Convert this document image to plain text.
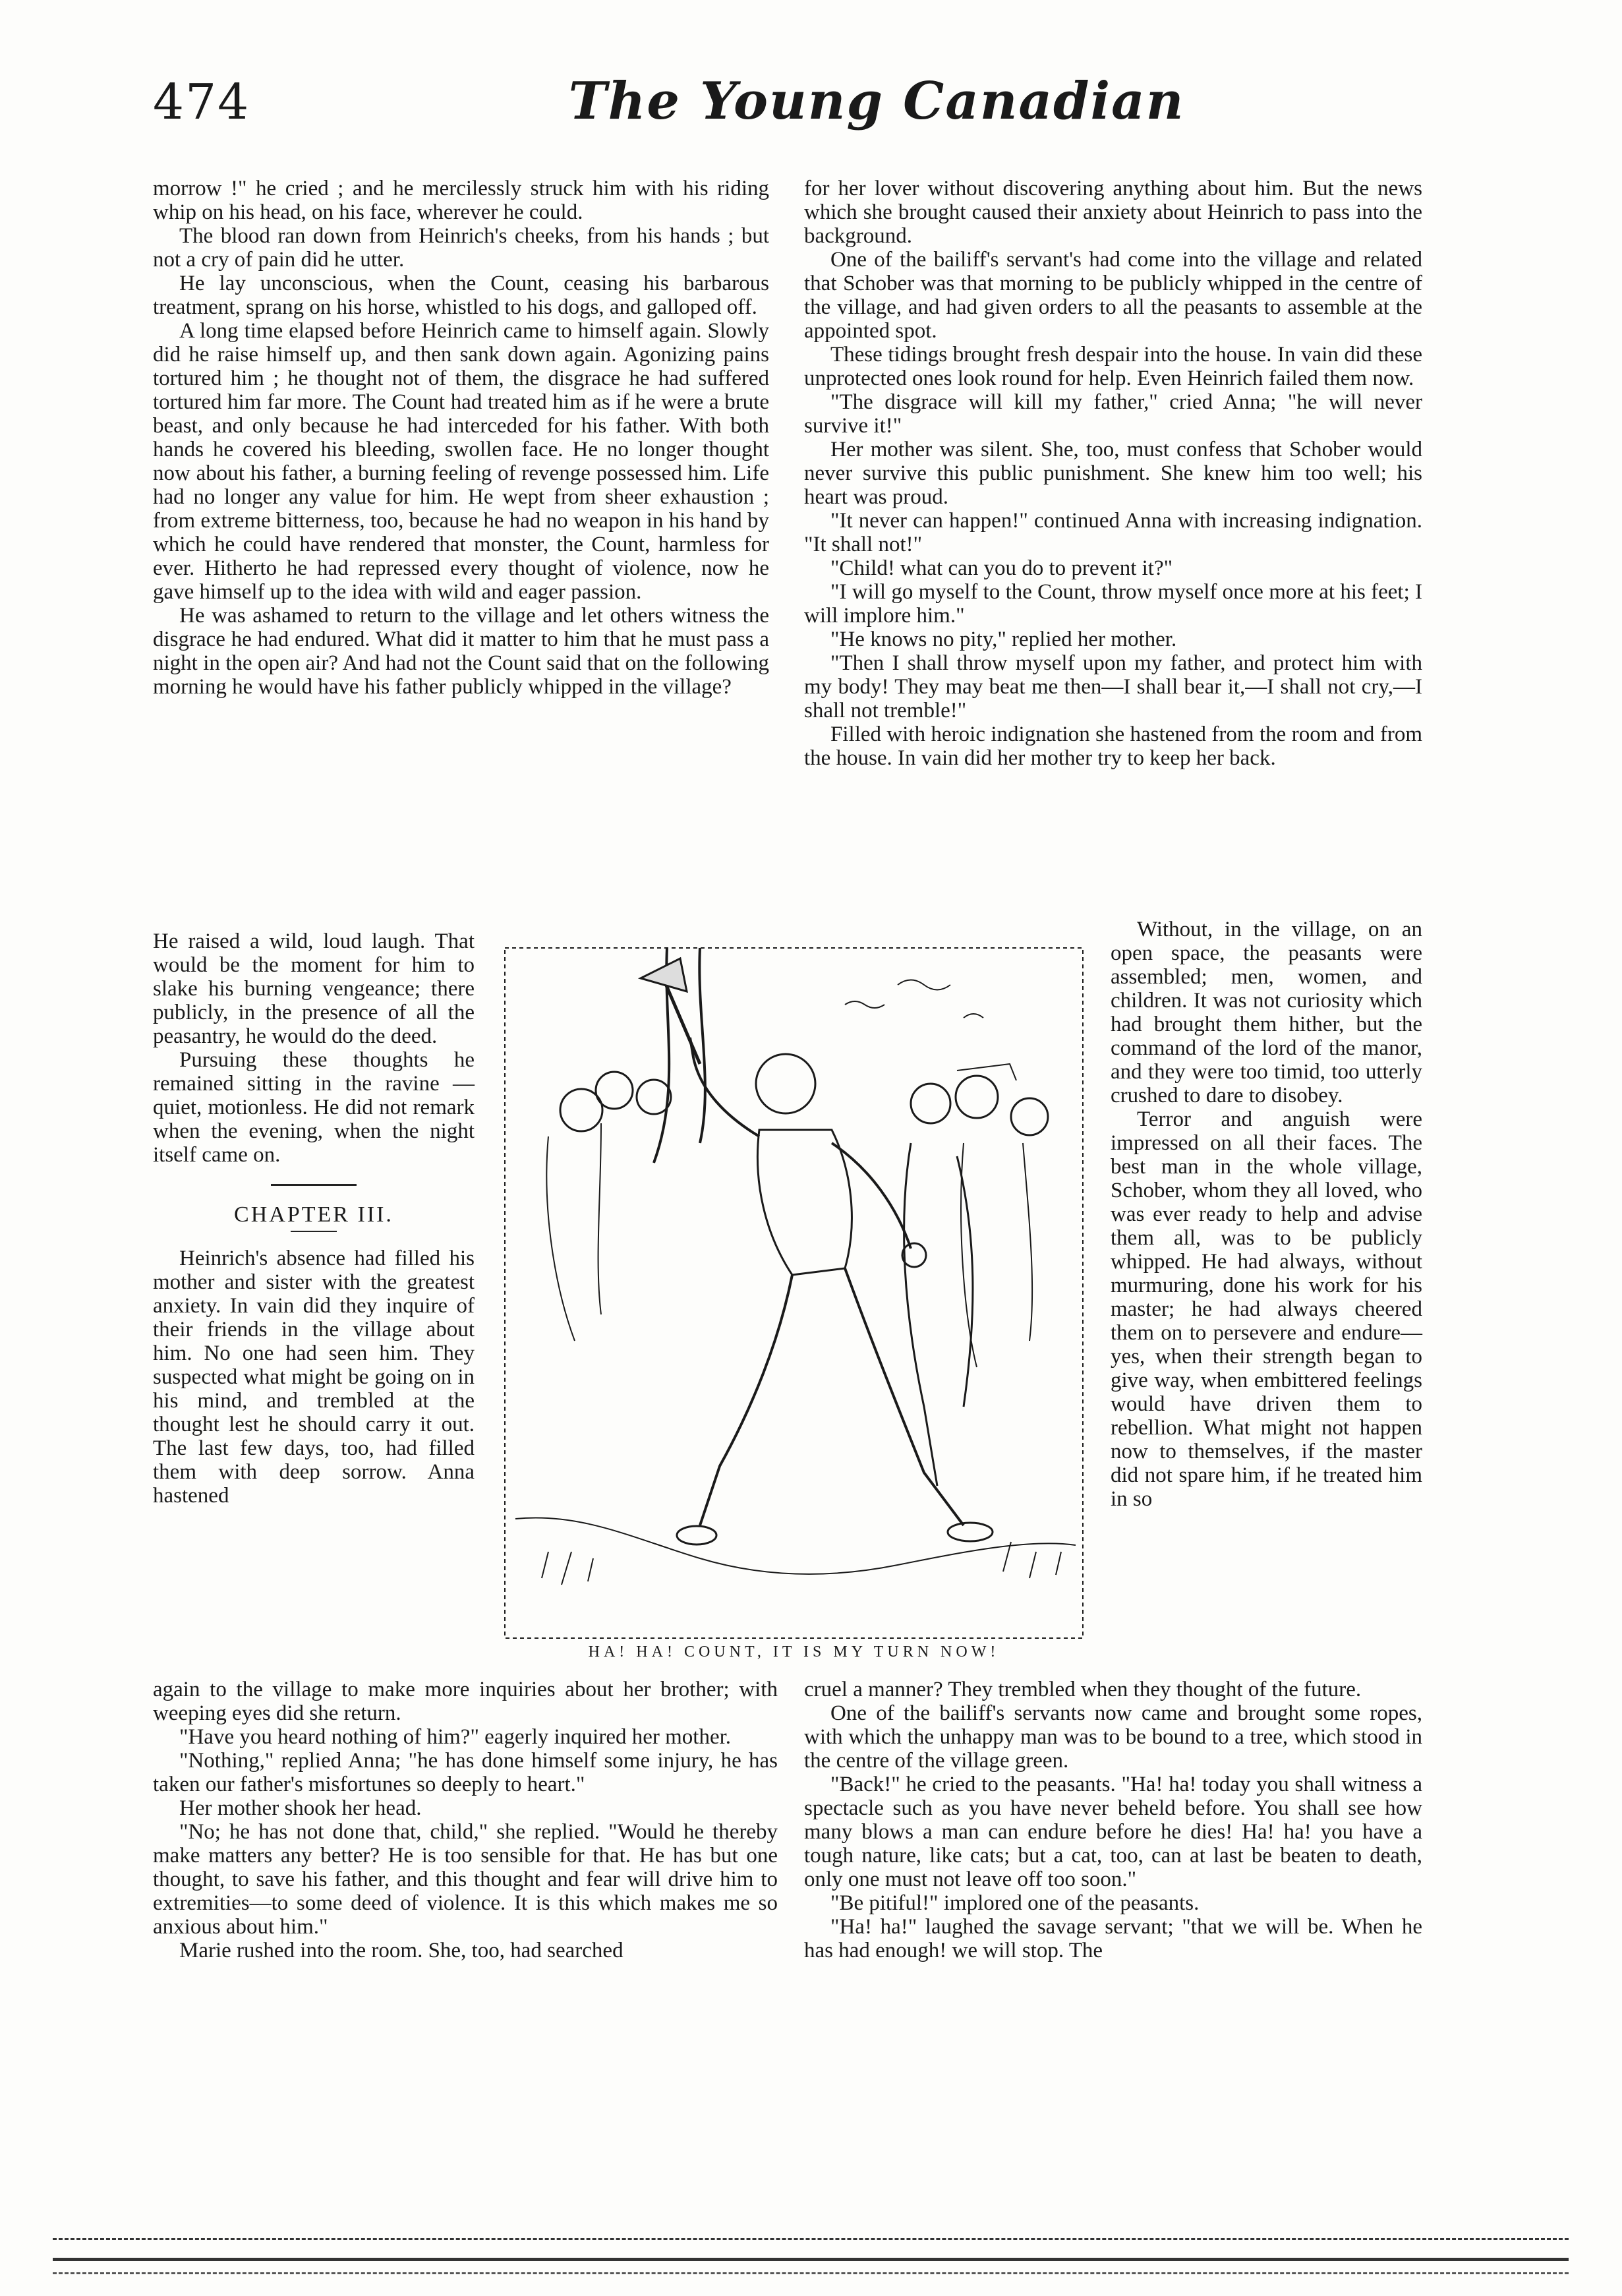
474	The Young Canadian

morrow !" he cried ; and he mercilessly struck him with his riding whip on his head, on his face, wherever he could.

The blood ran down from Heinrich's cheeks, from his hands ; but not a cry of pain did he utter.

He lay unconscious, when the Count, ceasing his barbarous treatment, sprang on his horse, whistled to his dogs, and galloped off.

A long time elapsed before Heinrich came to himself again. Slowly did he raise himself up, and then sank down again. Agonizing pains tortured him ; he thought not of them, the disgrace he had suffered tortured him far more. The Count had treated him as if he were a brute beast, and only because he had interceded for his father. With both hands he covered his bleeding, swollen face. He no longer thought now about his father, a burning feeling of revenge possessed him. Life had no longer any value for him. He wept from sheer exhaustion ; from extreme bitterness, too, because he had no weapon in his hand by which he could have rendered that monster, the Count, harmless for ever. Hitherto he had repressed every thought of violence, now he gave himself up to the idea with wild and eager passion.

He was ashamed to return to the village and let others witness the disgrace he had endured. What did it matter to him that he must pass a night in the open air? And had not the Count said that on the following morning he would have his father publicly whipped in the village?

He raised a wild, loud laugh. That would be the moment for him to slake his burning vengeance; there publicly, in the presence of all the peasantry, he would do the deed.

Pursuing these thoughts he remained sitting in the ravine —quiet, motionless. He did not remark when the evening, when the night itself came on.

CHAPTER III.

Heinrich's absence had filled his mother and sister with the greatest anxiety. In vain did they inquire of their friends in the village about him. No one had seen him. They suspected what might be going on in his mind, and trembled at the thought lest he should carry it out. The last few days, too, had filled them with deep sorrow. Anna hastened

again to the village to make more inquiries about her brother; with weeping eyes did she return.

"Have you heard nothing of him?" eagerly inquired her mother.

"Nothing," replied Anna; "he has done himself some injury, he has taken our father's misfortunes so deeply to heart."

Her mother shook her head.

"No; he has not done that, child," she replied. "Would he thereby make matters any better? He is too sensible for that. He has but one thought, to save his father, and this thought and fear will drive him to extremities—to some deed of violence. It is this which makes me so anxious about him."

Marie rushed into the room. She, too, had searched

for her lover without discovering anything about him. But the news which she brought caused their anxiety about Heinrich to pass into the background.

One of the bailiff's servant's had come into the village and related that Schober was that morning to be publicly whipped in the centre of the village, and had given orders to all the peasants to assemble at the appointed spot.

These tidings brought fresh despair into the house. In vain did these unprotected ones look round for help. Even Heinrich failed them now.

"The disgrace will kill my father," cried Anna; "he will never survive it!"

Her mother was silent. She, too, must confess that Schober would never survive this public punishment. She knew him too well; his heart was proud.

"It never can happen!" continued Anna with increasing indignation. "It shall not!"

"Child! what can you do to prevent it?"

"I will go myself to the Count, throw myself once more at his feet; I will implore him."

"He knows no pity," replied her mother.

"Then I shall throw myself upon my father, and protect him with my body! They may beat me then—I shall bear it,—I shall not cry,—I shall not tremble!"

Filled with heroic indignation she hastened from the room and from the house. In vain did her mother try to keep her back.

Without, in the village, on an open space, the peasants were assembled; men, women, and children. It was not curiosity which had brought them hither, but the command of the lord of the manor, and they were too timid, too utterly crushed to dare to disobey.

Terror and anguish were impressed on all their faces. The best man in the whole village, Schober, whom they all loved, who was ever ready to help and advise them all, was to be publicly whipped. He had always, without murmuring, done his work for his master; he had always cheered them on to persevere and endure—yes, when their strength began to give way, when embittered feelings would have driven them to rebellion. What might not happen now to themselves, if the master did not spare him, if he treated him in so

cruel a manner? They trembled when they thought of the future.

One of the bailiff's servants now came and brought some ropes, with which the unhappy man was to be bound to a tree, which stood in the centre of the village green.

"Back!" he cried to the peasants. "Ha! ha! today you shall witness a spectacle such as you have never beheld before. You shall see how many blows a man can endure before he dies! Ha! ha! you have a tough nature, like cats; but a cat, too, can at last be beaten to death, only one must not leave off too soon."

"Be pitiful!" implored one of the peasants.

"Ha! ha!" laughed the savage servant; "that we will be. When he has had enough! we will stop. The

HA! HA! COUNT, IT IS MY TURN NOW!
